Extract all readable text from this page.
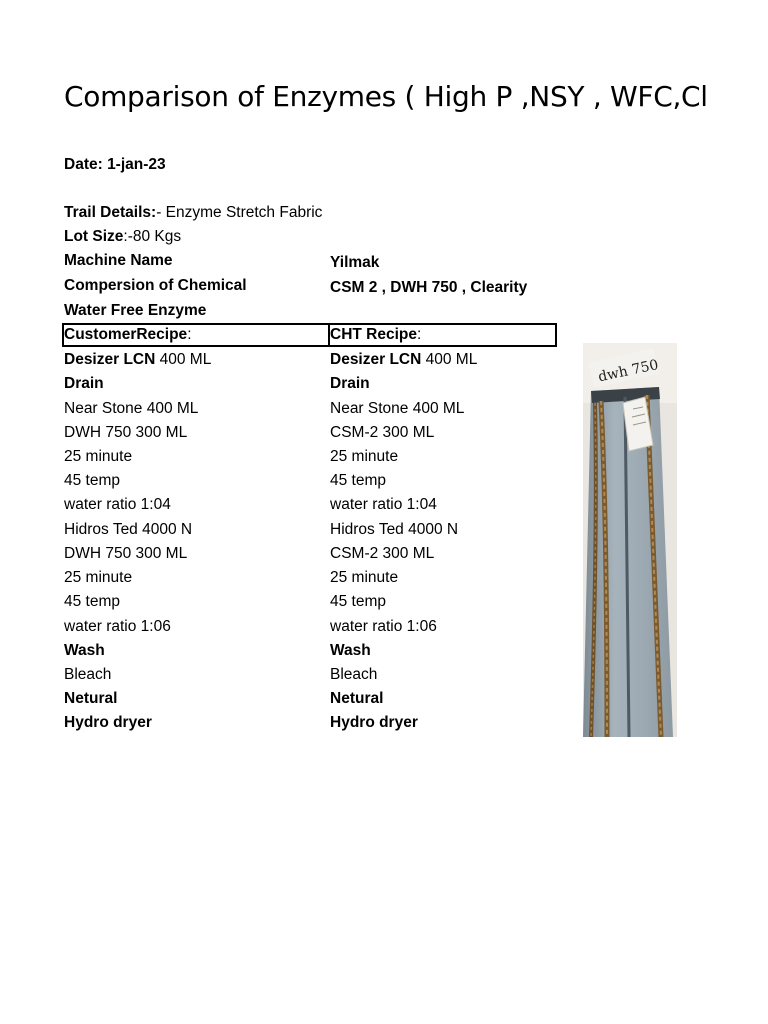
Comparison of Enzymes ( High P ,NSY , WFC,Cl
Date: 1-jan-23
Trail Details:- Enzyme Stretch Fabric
Lot Size:-80 Kgs
Machine Name	Yilmak
Compersion of Chemical	CSM 2 , DWH 750 , Clearity
Water Free Enzyme
CustomerRecipe:	CHT Recipe:
Desizer LCN 400 ML	Desizer LCN 400 ML
Drain	Drain
Near Stone 400 ML	Near Stone 400 ML
DWH 750 300 ML	CSM-2 300 ML
25 minute	25 minute
45 temp	45 temp
water ratio 1:04	water ratio 1:04
Hidros Ted 4000 N	Hidros Ted 4000 N
DWH 750 300 ML	CSM-2 300 ML
25 minute	25 minute
45 temp	45 temp
water ratio 1:06	water ratio 1:06
Wash	Wash
Bleach	Bleach
Netural	Netural
Hydro dryer	Hydro dryer
dwh 750
